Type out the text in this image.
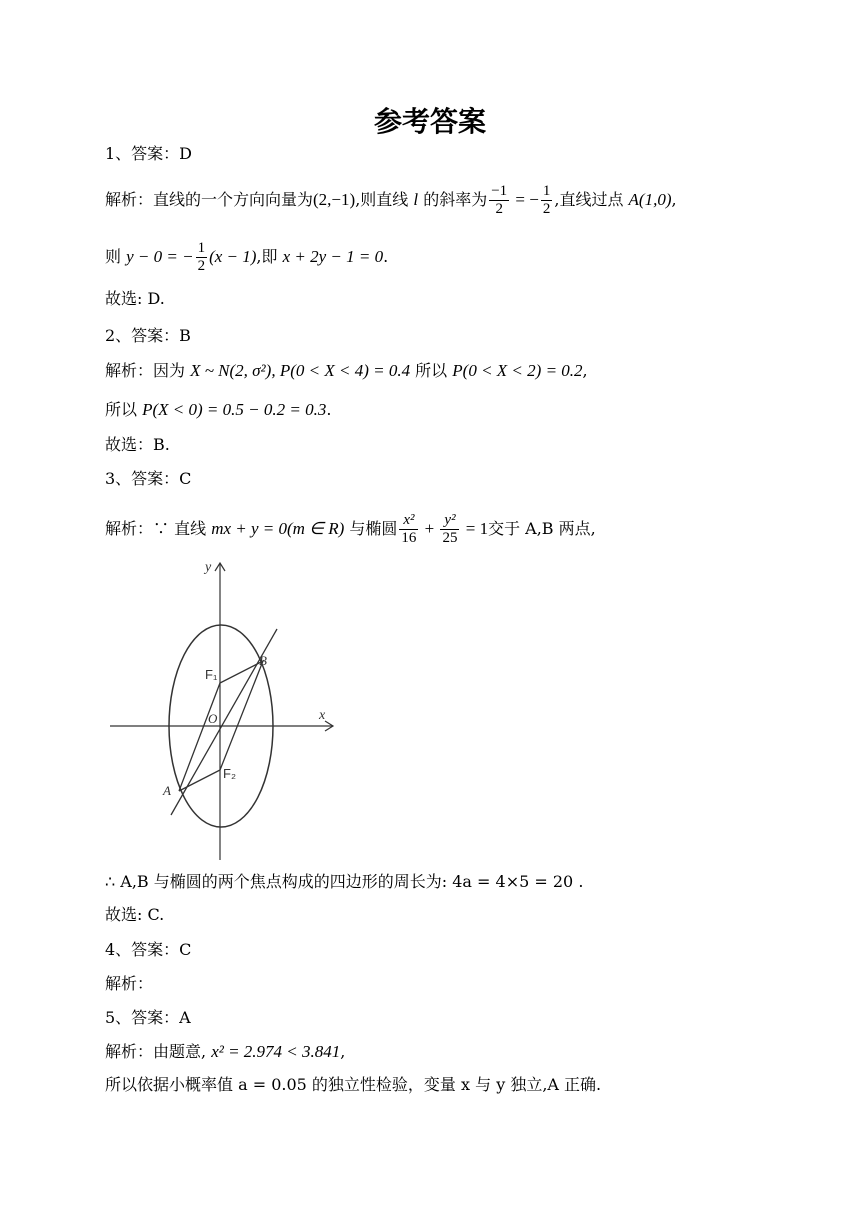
参考答案
1、答案：D
解析：直线的一个方向向量为(2,−1),则直线 l 的斜率为 $\frac{-1}{2}$ = − $\frac{1}{2}$ ,直线过点 A(1,0),
则 y − 0 = − $\frac{1}{2} (x - 1)$,即 x + 2y − 1 = 0.
故选: D.
2、答案：B
解析：因为 X ~ N(2, σ²), P(0 < X < 4) = 0.4 所以 P(0 < X < 2) = 0.2,
所以 P(X < 0) = 0.5 − 0.2 = 0.3.
故选：B.
3、答案：C
解析：∵ 直线 mx + y = 0(m ∈ R) 与椭圆 $\frac{\text{x²}}{16} + \frac{\text{y²}}{25} = 1$交于 A,B 两点,
y
x
O
F₁
F₂
A
B
∴ A,B 与椭圆的两个焦点构成的四边形的周长为: 4a = 4×5 = 20 .
故选: C.
4、答案：C
解析：
5、答案：A
解析：由题意, x² = 2.974 < 3.841,
所以依据小概率值 a = 0.05 的独立性检验，变量 x 与 y 独立,A 正确.
